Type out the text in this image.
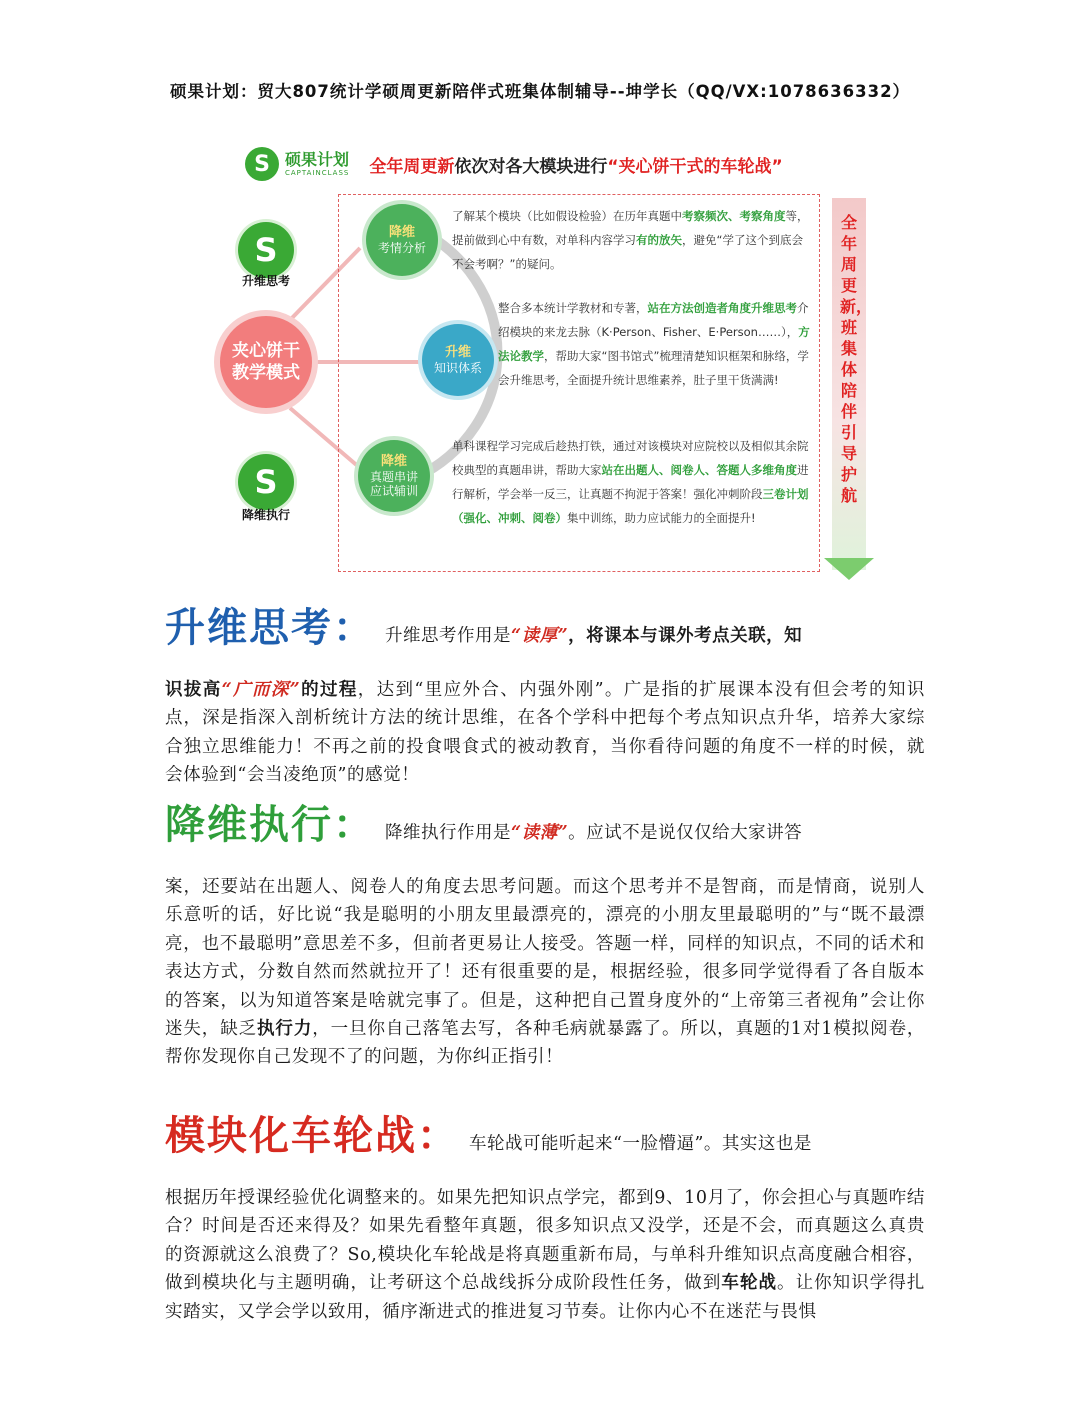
硕果计划：贸大807统计学硕周更新陪伴式班集体制辅导--坤学长（QQ/VX:1078636332）
S 硕果计划
CAPTAINCLASS 全年周更新依次对各大模块进行“夹心饼干式的车轮战”
S
升维思考
夹心饼干
教学模式
S
降维执行
降维
考情分析
升维
知识体系
降维
真题串讲
应试辅训
了解某个模块（比如假设检验）在历年真题中考察频次、考察角度等，提前做到心中有数，对单科内容学习有的放矢，避免“学了这个到底会不会考啊？”的疑问。
整合多本统计学教材和专著，站在方法创造者角度升维思考介绍模块的来龙去脉（K·Person、Fisher、E·Person……），方法论教学，帮助大家“图书馆式”梳理清楚知识框架和脉络，学会升维思考，全面提升统计思维素养，肚子里干货满满!
单科课程学习完成后趁热打铁，通过对该模块对应院校以及相似其余院校典型的真题串讲，帮助大家站在出题人、阅卷人、答题人多维角度进行解析，学会举一反三，让真题不拘泥于答案！强化冲刺阶段三卷计划（强化、冲刺、阅卷）集中训练，助力应试能力的全面提升!
全年周更新，班集体陪伴引导护航
升维思考： 升维思考作用是“读厚”，将课本与课外考点关联，知
识拔高“广而深”的过程，达到“里应外合、内强外刚”。广是指的扩展课本没有但会考的知识点，深是指深入剖析统计方法的统计思维，在各个学科中把每个考点知识点升华，培养大家综合独立思维能力！不再之前的投食喂食式的被动教育，当你看待问题的角度不一样的时候，就会体验到“会当凌绝顶”的感觉！
降维执行： 降维执行作用是“读薄”。应试不是说仅仅给大家讲答
案，还要站在出题人、阅卷人的角度去思考问题。而这个思考并不是智商，而是情商，说别人乐意听的话，好比说“我是聪明的小朋友里最漂亮的，漂亮的小朋友里最聪明的”与“既不最漂亮，也不最聪明”意思差不多，但前者更易让人接受。答题一样，同样的知识点，不同的话术和表达方式，分数自然而然就拉开了！还有很重要的是，根据经验，很多同学觉得看了各自版本的答案，以为知道答案是啥就完事了。但是，这种把自己置身度外的“上帝第三者视角”会让你迷失，缺乏执行力，一旦你自己落笔去写，各种毛病就暴露了。所以，真题的1对1模拟阅卷，帮你发现你自己发现不了的问题，为你纠正指引！
模块化车轮战： 车轮战可能听起来“一脸懵逼”。其实这也是
根据历年授课经验优化调整来的。如果先把知识点学完，都到9、10月了，你会担心与真题咋结合？时间是否还来得及？如果先看整年真题，很多知识点又没学，还是不会，而真题这么真贵的资源就这么浪费了？So,模块化车轮战是将真题重新布局，与单科升维知识点高度融合相容，做到模块化与主题明确，让考研这个总战线拆分成阶段性任务，做到车轮战。让你知识学得扎实踏实，又学会学以致用，循序渐进式的推进复习节奏。让你内心不在迷茫与畏惧
